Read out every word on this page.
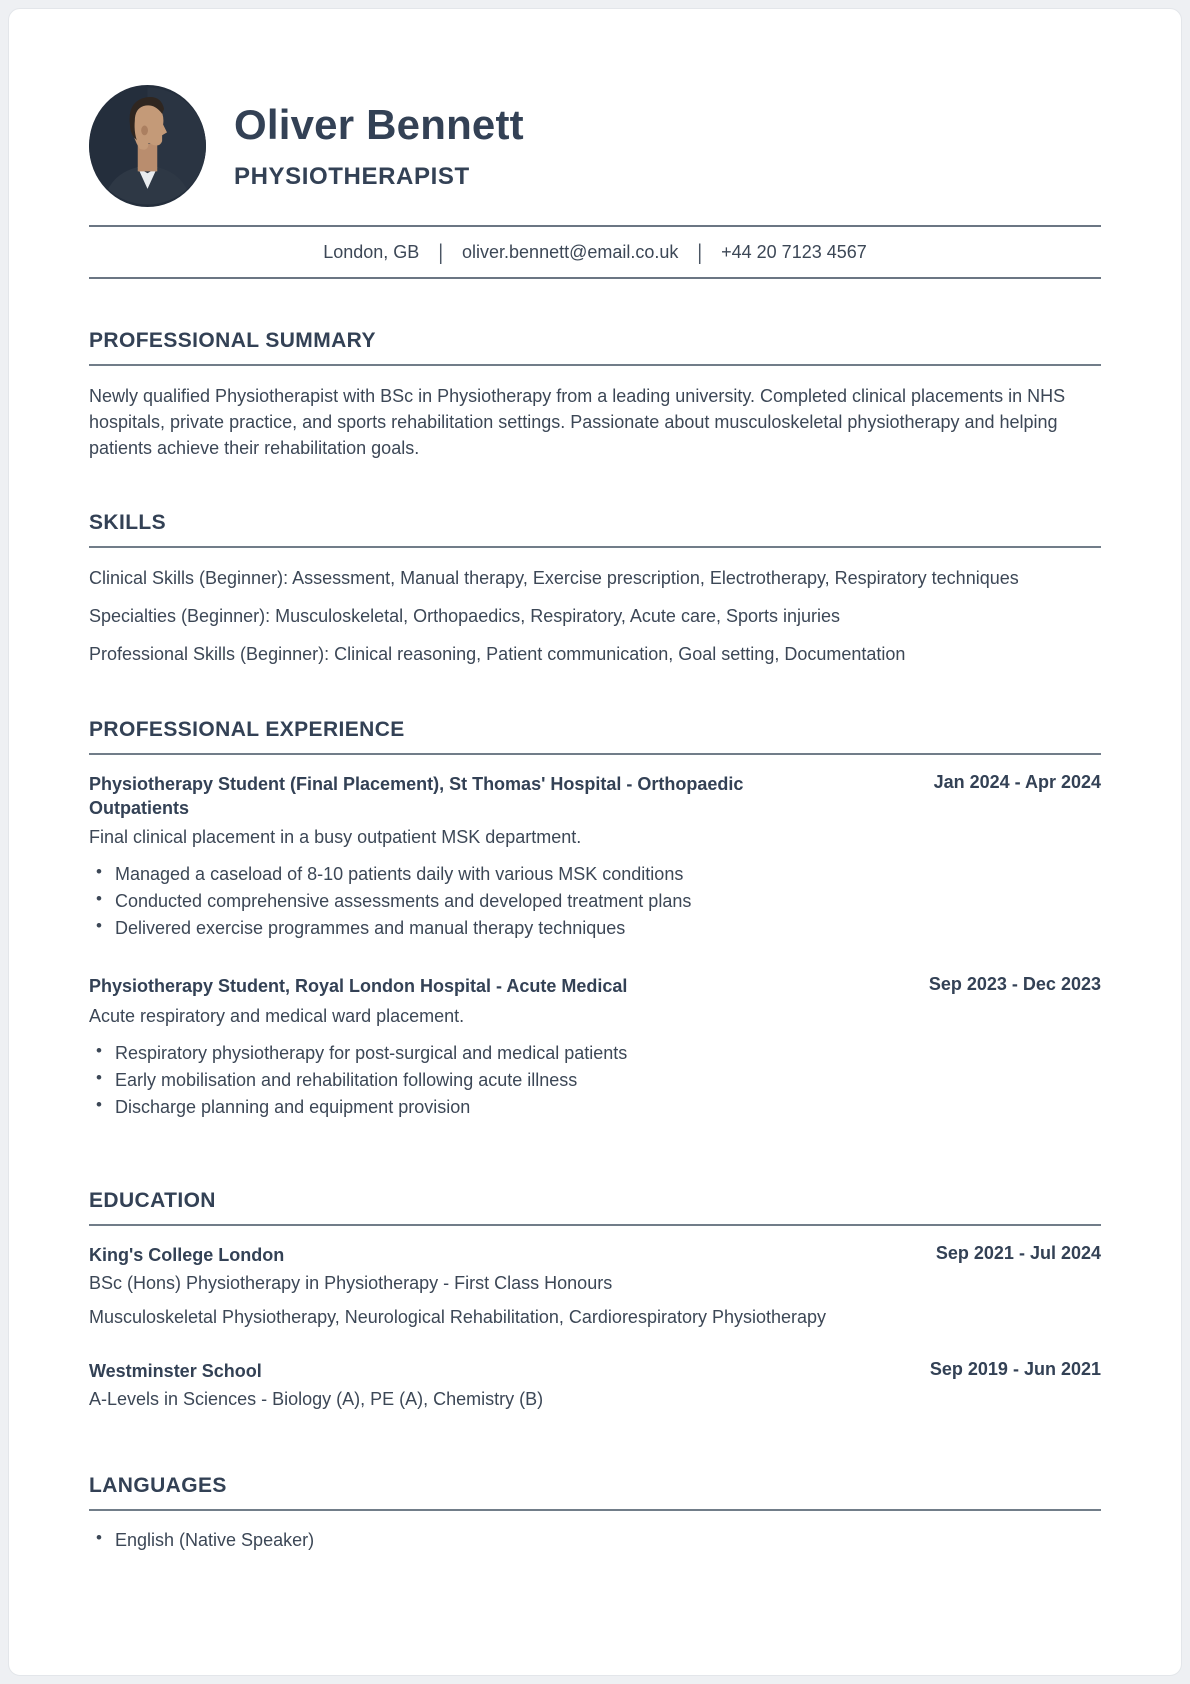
Oliver Bennett
PHYSIOTHERAPIST
London, GB | oliver.bennett@email.co.uk | +44 20 7123 4567
PROFESSIONAL SUMMARY

Newly qualified Physiotherapist with BSc in Physiotherapy from a leading university. Completed clinical placements in NHS hospitals, private practice, and sports rehabilitation settings. Passionate about musculoskeletal physiotherapy and helping patients achieve their rehabilitation goals.

SKILLS
Clinical Skills (Beginner): Assessment, Manual therapy, Exercise prescription, Electrotherapy, Respiratory techniques
Specialties (Beginner): Musculoskeletal, Orthopaedics, Respiratory, Acute care, Sports injuries
Professional Skills (Beginner): Clinical reasoning, Patient communication, Goal setting, Documentation
PROFESSIONAL EXPERIENCE
Physiotherapy Student (Final Placement), St Thomas' Hospital - Orthopaedic Outpatients
Jan 2024 - Apr 2024
Final clinical placement in a busy outpatient MSK department.
• Managed a caseload of 8-10 patients daily with various MSK conditions
• Conducted comprehensive assessments and developed treatment plans
• Delivered exercise programmes and manual therapy techniques
Physiotherapy Student, Royal London Hospital - Acute Medical	Sep 2023 - Dec 2023
Acute respiratory and medical ward placement.
• Respiratory physiotherapy for post-surgical and medical patients
• Early mobilisation and rehabilitation following acute illness
• Discharge planning and equipment provision
EDUCATION
King's College London	Sep 2021 - Jul 2024
BSc (Hons) Physiotherapy in Physiotherapy - First Class Honours
Musculoskeletal Physiotherapy, Neurological Rehabilitation, Cardiorespiratory Physiotherapy
Westminster School	Sep 2019 - Jun 2021
A-Levels in Sciences - Biology (A), PE (A), Chemistry (B)
LANGUAGES
• English (Native Speaker)
